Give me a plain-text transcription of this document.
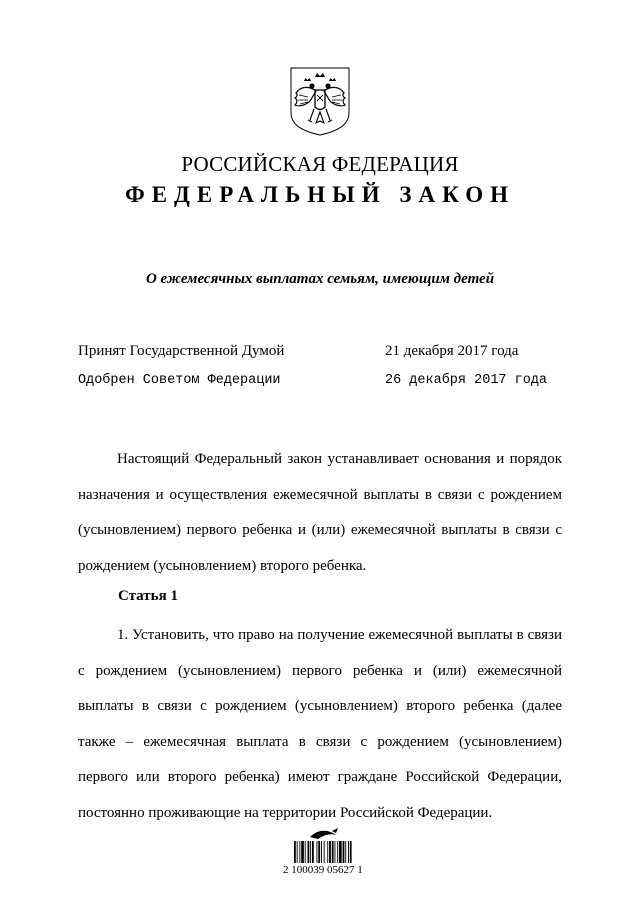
РОССИЙСКАЯ ФЕДЕРАЦИЯ
ФЕДЕРАЛЬНЫЙ ЗАКОН
О ежемесячных выплатах семьям, имеющим детей
Принят Государственной Думой	21 декабря 2017 года
Одобрен Советом Федерации	26 декабря 2017 года
Настоящий Федеральный закон устанавливает основания и порядок назначения и осуществления ежемесячной выплаты в связи с рождением (усыновлением) первого ребенка и (или) ежемесячной выплаты в связи с рождением (усыновлением) второго ребенка.
Статья 1
1. Установить, что право на получение ежемесячной выплаты в связи с рождением (усыновлением) первого ребенка и (или) ежемесячной выплаты в связи с рождением (усыновлением) второго ребенка (далее также – ежемесячная выплата в связи с рождением (усыновлением) первого или второго ребенка) имеют граждане Российской Федерации, постоянно проживающие на территории Российской Федерации.
2 100039 05627 1
